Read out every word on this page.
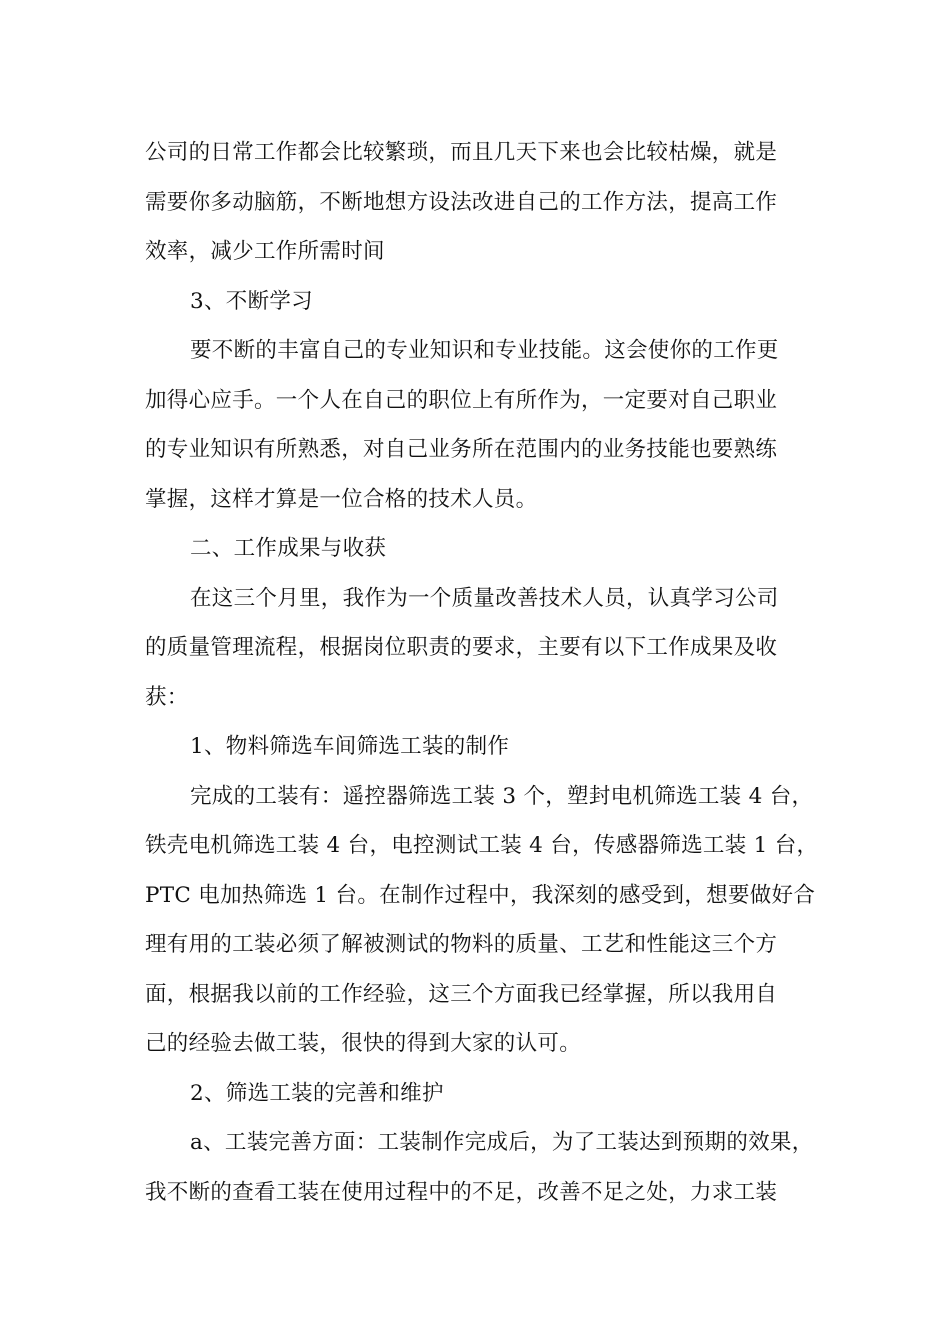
公司的日常工作都会比较繁琐，而且几天下来也会比较枯燥，就是
需要你多动脑筋，不断地想方设法改进自己的工作方法，提高工作
效率，减少工作所需时间
3、不断学习
要不断的丰富自己的专业知识和专业技能。这会使你的工作更
加得心应手。一个人在自己的职位上有所作为，一定要对自己职业
的专业知识有所熟悉，对自己业务所在范围内的业务技能也要熟练
掌握，这样才算是一位合格的技术人员。
二、工作成果与收获
在这三个月里，我作为一个质量改善技术人员，认真学习公司
的质量管理流程，根据岗位职责的要求，主要有以下工作成果及收
获：
1、物料筛选车间筛选工装的制作
完成的工装有：遥控器筛选工装 3 个，塑封电机筛选工装 4 台，
铁壳电机筛选工装 4 台，电控测试工装 4 台，传感器筛选工装 1 台，
PTC 电加热筛选 1 台。在制作过程中，我深刻的感受到，想要做好合
理有用的工装必须了解被测试的物料的质量、工艺和性能这三个方
面，根据我以前的工作经验，这三个方面我已经掌握，所以我用自
己的经验去做工装，很快的得到大家的认可。
2、筛选工装的完善和维护
a、工装完善方面：工装制作完成后，为了工装达到预期的效果，
我不断的查看工装在使用过程中的不足，改善不足之处，力求工装
